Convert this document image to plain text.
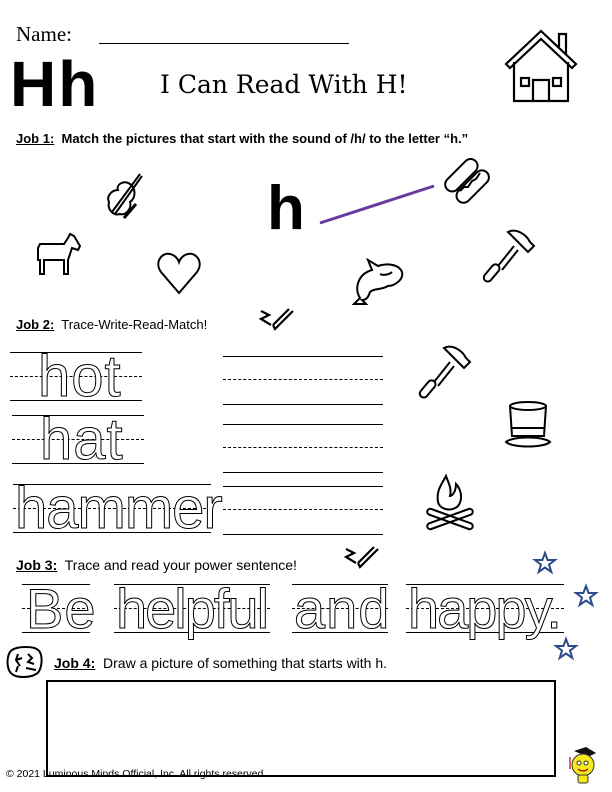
Name:
Hh I Can Read With H!
Job 1: Match the pictures that start with the sound of /h/ to the letter “h.”
h
Job 2: Trace-Write-Read-Match!
hot
hat
hammer
Job 3: Trace and read your power sentence!
Be helpful and happy.
Job 4: Draw a picture of something that starts with h.
© 2021 Luminous Minds Official, Inc. All rights reserved.
